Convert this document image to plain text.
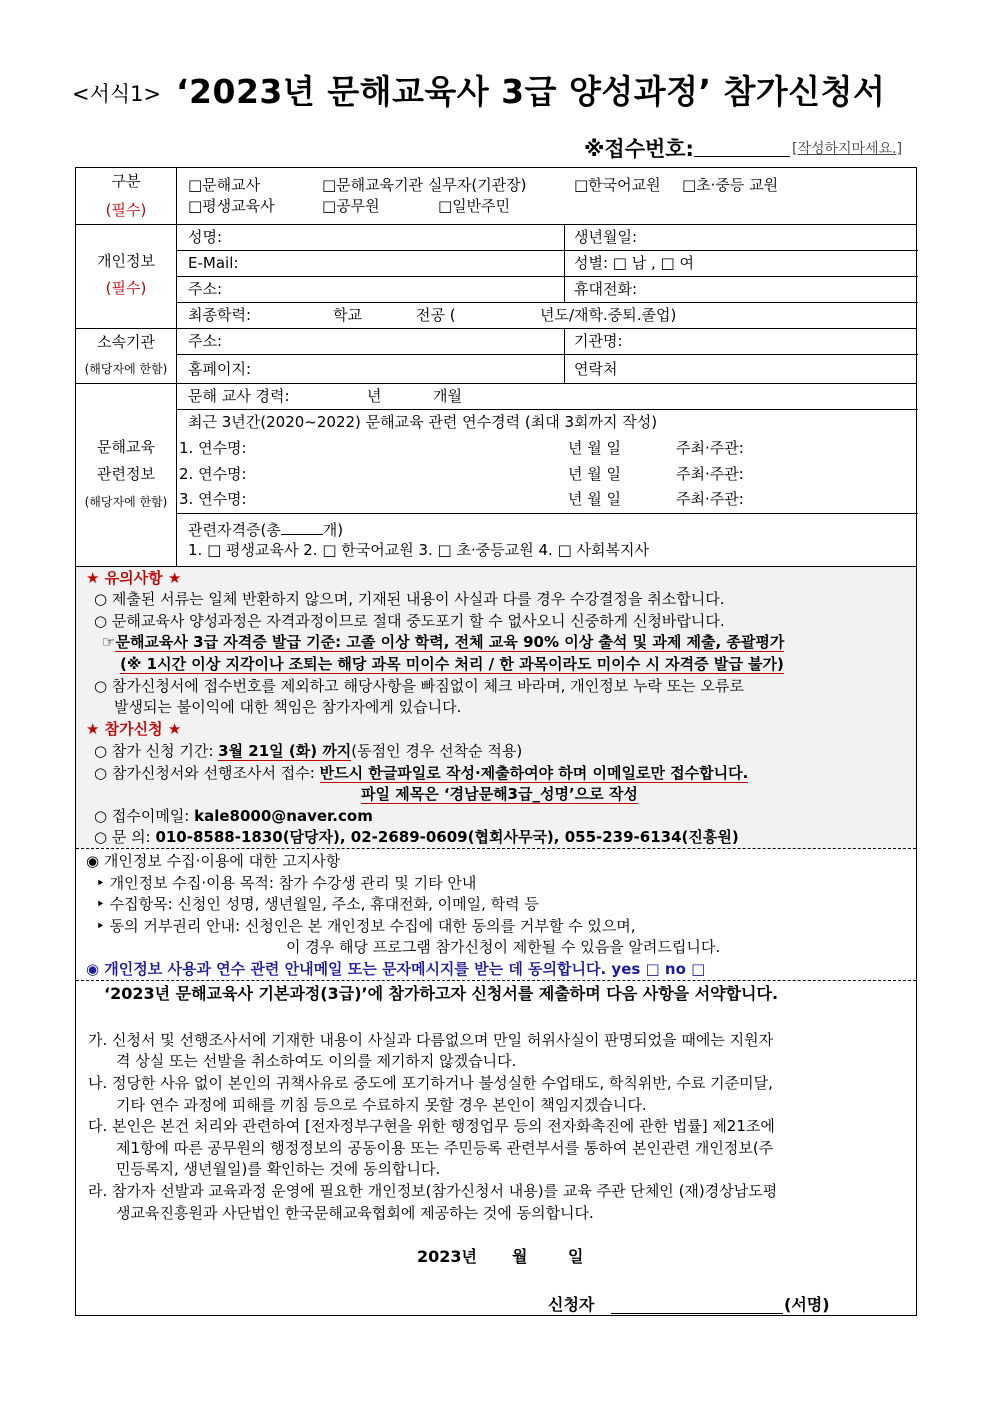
<서식1> ‘2023년 문해교육사 3급 양성과정’ 참가신청서
※접수번호:	[작성하지마세요.]
구분
(필수)
□문해교사	□문해교육기관 실무자(기관장)	□한국어교원 □초·중등 교원
□평생교육사	□공무원	□일반주민
개인정보
(필수)
성명:	생년월일:
E-Mail:	성별: □ 남 , □ 여
주소:	휴대전화:
최종학력:	학교	전공 (	년도/재학.중퇴.졸업)
소속기관
(해당자에 한함)
주소:	기관명:
홈페이지:	연락처
문해교육
관련정보
(해당자에 한함)
문해 교사 경력:	년	개월
최근 3년간(2020~2022) 문해교육 관련 연수경력 (최대 3회까지 작성)
1. 연수명:	년 월 일	주최·주관:
2. 연수명:	년 월 일	주최·주관:
3. 연수명:	년 월 일	주최·주관:
관련자격증(총	개)
1. □ 평생교육사 2. □ 한국어교원 3. □ 초·중등교원 4. □ 사회복지사
★ 유의사항 ★
○ 제출된 서류는 일체 반환하지 않으며, 기재된 내용이 사실과 다를 경우 수강결정을 취소합니다.
○ 문해교육사 양성과정은 자격과정이므로 절대 중도포기 할 수 없사오니 신중하게 신청바랍니다.
☞문해교육사 3급 자격증 발급 기준: 고졸 이상 학력, 전체 교육 90% 이상 출석 및 과제 제출, 종괄평가
(※ 1시간 이상 지각이나 조퇴는 해당 과목 미이수 처리 / 한 과목이라도 미이수 시 자격증 발급 불가)
○ 참가신청서에 접수번호를 제외하고 해당사항을 빠짐없이 체크 바라며, 개인정보 누락 또는 오류로
발생되는 불이익에 대한 책임은 참가자에게 있습니다.
★ 참가신청 ★
○ 참가 신청 기간: 3월 21일 (화) 까지(동점인 경우 선착순 적용)
○ 참가신청서와 선행조사서 접수: 반드시 한글파일로 작성·제출하여야 하며 이메일로만 접수합니다.
파일 제목은 ‘경남문해3급_성명’으로 작성
○ 접수이메일: kale8000@naver.com
○ 문 의: 010-8588-1830(담당자), 02-2689-0609(협회사무국), 055-239-6134(진흥원)
◉ 개인정보 수집·이용에 대한 고지사항
‣ 개인정보 수집·이용 목적: 참가 수강생 관리 및 기타 안내
‣ 수집항목: 신청인 성명, 생년월일, 주소, 휴대전화, 이메일, 학력 등
‣ 동의 거부권리 안내: 신청인은 본 개인정보 수집에 대한 동의를 거부할 수 있으며,
이 경우 해당 프로그램 참가신청이 제한될 수 있음을 알려드립니다.
◉ 개인정보 사용과 연수 관련 안내메일 또는 문자메시지를 받는 데 동의합니다. yes □ no □
‘2023년 문해교육사 기본과정(3급)’에 참가하고자 신청서를 제출하며 다음 사항을 서약합니다.
가. 신청서 및 선행조사서에 기재한 내용이 사실과 다름없으며 만일 허위사실이 판명되었을 때에는 지원자
격 상실 또는 선발을 취소하여도 이의를 제기하지 않겠습니다.
나. 정당한 사유 없이 본인의 귀책사유로 중도에 포기하거나 불성실한 수업태도, 학칙위반, 수료 기준미달,
기타 연수 과정에 피해를 끼침 등으로 수료하지 못할 경우 본인이 책임지겠습니다.
다. 본인은 본건 처리와 관련하여 [전자정부구현을 위한 행정업무 등의 전자화촉진에 관한 법률] 제21조에
제1항에 따른 공무원의 행정정보의 공동이용 또는 주민등록 관련부서를 통하여 본인관련 개인정보(주
민등록지, 생년월일)를 확인하는 것에 동의합니다.
라. 참가자 선발과 교육과정 운영에 필요한 개인정보(참가신청서 내용)를 교육 주관 단체인 (재)경상남도평
생교육진흥원과 사단법인 한국문해교육협회에 제공하는 것에 동의합니다.
2023년 월	일
신청자	(서명)
